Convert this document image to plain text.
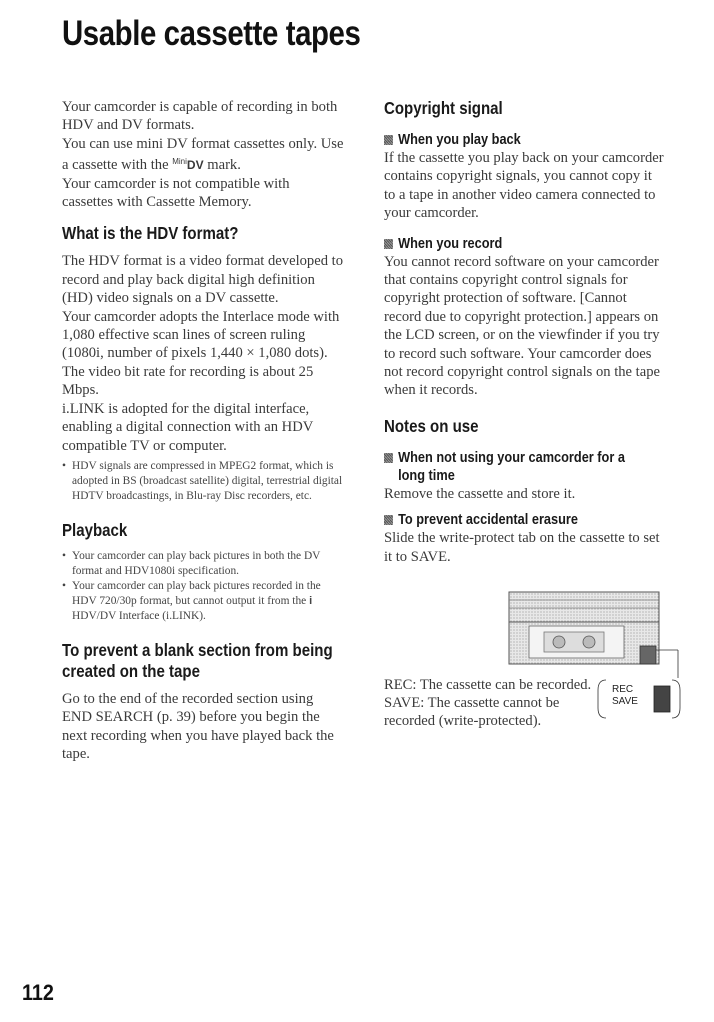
Usable cassette tapes

Your camcorder is capable of recording in both HDV and DV formats.

You can use mini DV format cassettes only. Use a cassette with the $^{Mini}$DV mark.

Your camcorder is not compatible with cassettes with Cassette Memory.

What is the HDV format?

The HDV format is a video format developed to record and play back digital high definition (HD) video signals on a DV cassette.

Your camcorder adopts the Interlace mode with 1,080 effective scan lines of screen ruling (1080i, number of pixels 1,440 × 1,080 dots).

The video bit rate for recording is about 25 Mbps.

i.LINK is adopted for the digital interface, enabling a digital connection with an HDV compatible TV or computer.

• HDV signals are compressed in MPEG2 format, which is adopted in BS (broadcast satellite) digital, terrestrial digital HDTV broadcastings, in Blu-ray Disc recorders, etc.
Playback
• Your camcorder can play back pictures in both the DV format and HDV1080i specification.
• Your camcorder can play back pictures recorded in the HDV 720/30p format, but cannot output it from the i HDV/DV Interface (i.LINK).
To prevent a blank section from being created on the tape

Go to the end of the recorded section using END SEARCH (p. 39) before you begin the next recording when you have played back the tape.

Copyright signal
When you play back

If the cassette you play back on your camcorder contains copyright signals, you cannot copy it to a tape in another video camera connected to your camcorder.

When you record

You cannot record software on your camcorder that contains copyright control signals for copyright protection of software. [Cannot record due to copyright protection.] appears on the LCD screen, or on the viewfinder if you try to record such software. Your camcorder does not record copyright control signals on the tape when it records.

Notes on use
When not using your camcorder for a long time

Remove the cassette and store it.

To prevent accidental erasure

Slide the write-protect tab on the cassette to set it to SAVE.

REC
SAVE
REC: The cassette can be recorded.
SAVE: The cassette cannot be recorded (write-protected).
112
